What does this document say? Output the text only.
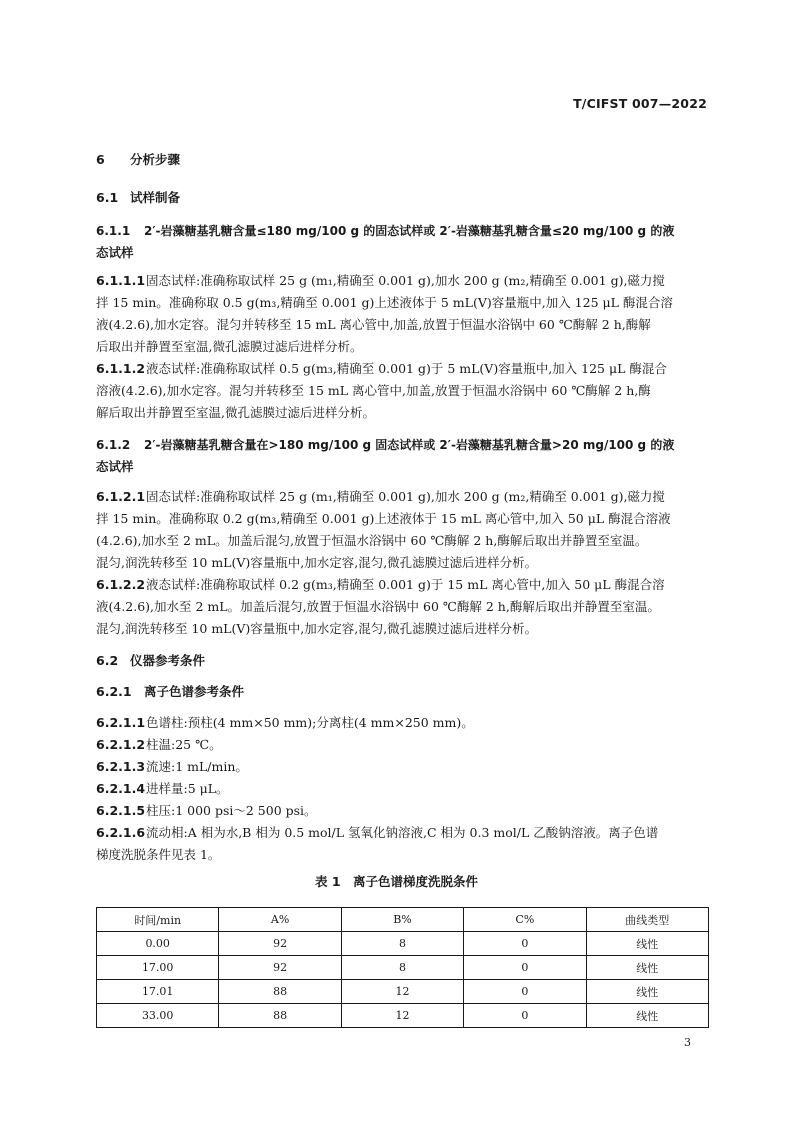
T/CIFST 007—2022
6 分析步骤
6.1 试样制备
6.1.1 2′-岩藻糖基乳糖含量≤180 mg/100 g 的固态试样或 2′-岩藻糖基乳糖含量≤20 mg/100 g 的液
态试样
6.1.1.1固态试样:准确称取试样 25 g (m₁,精确至 0.001 g),加水 200 g (m₂,精确至 0.001 g),磁力搅
拌 15 min。准确称取 0.5 g(m₃,精确至 0.001 g)上述液体于 5 mL(V)容量瓶中,加入 125 μL 酶混合溶
液(4.2.6),加水定容。混匀并转移至 15 mL 离心管中,加盖,放置于恒温水浴锅中 60 ℃酶解 2 h,酶解
后取出并静置至室温,微孔滤膜过滤后进样分析。
6.1.1.2液态试样:准确称取试样 0.5 g(m₃,精确至 0.001 g)于 5 mL(V)容量瓶中,加入 125 μL 酶混合
溶液(4.2.6),加水定容。混匀并转移至 15 mL 离心管中,加盖,放置于恒温水浴锅中 60 ℃酶解 2 h,酶
解后取出并静置至室温,微孔滤膜过滤后进样分析。
6.1.2 2′-岩藻糖基乳糖含量在>180 mg/100 g 固态试样或 2′-岩藻糖基乳糖含量>20 mg/100 g 的液
态试样
6.1.2.1固态试样:准确称取试样 25 g (m₁,精确至 0.001 g),加水 200 g (m₂,精确至 0.001 g),磁力搅
拌 15 min。准确称取 0.2 g(m₃,精确至 0.001 g)上述液体于 15 mL 离心管中,加入 50 μL 酶混合溶液
(4.2.6),加水至 2 mL。加盖后混匀,放置于恒温水浴锅中 60 ℃酶解 2 h,酶解后取出并静置至室温。
混匀,润洗转移至 10 mL(V)容量瓶中,加水定容,混匀,微孔滤膜过滤后进样分析。
6.1.2.2液态试样:准确称取试样 0.2 g(m₃,精确至 0.001 g)于 15 mL 离心管中,加入 50 μL 酶混合溶
液(4.2.6),加水至 2 mL。加盖后混匀,放置于恒温水浴锅中 60 ℃酶解 2 h,酶解后取出并静置至室温。
混匀,润洗转移至 10 mL(V)容量瓶中,加水定容,混匀,微孔滤膜过滤后进样分析。
6.2 仪器参考条件
6.2.1 离子色谱参考条件
6.2.1.1色谱柱:预柱(4 mm×50 mm);分离柱(4 mm×250 mm)。
6.2.1.2柱温:25 ℃。
6.2.1.3流速:1 mL/min。
6.2.1.4进样量:5 μL。
6.2.1.5柱压:1 000 psi～2 500 psi。
6.2.1.6流动相:A 相为水,B 相为 0.5 mol/L 氢氧化钠溶液,C 相为 0.3 mol/L 乙酸钠溶液。离子色谱
梯度洗脱条件见表 1。
表 1　离子色谱梯度洗脱条件
时间/min	A%	B%	C%	曲线类型
0.00	92	8	0	线性
17.00	92	8	0	线性
17.01	88	12	0	线性
33.00	88	12	0	线性
3
